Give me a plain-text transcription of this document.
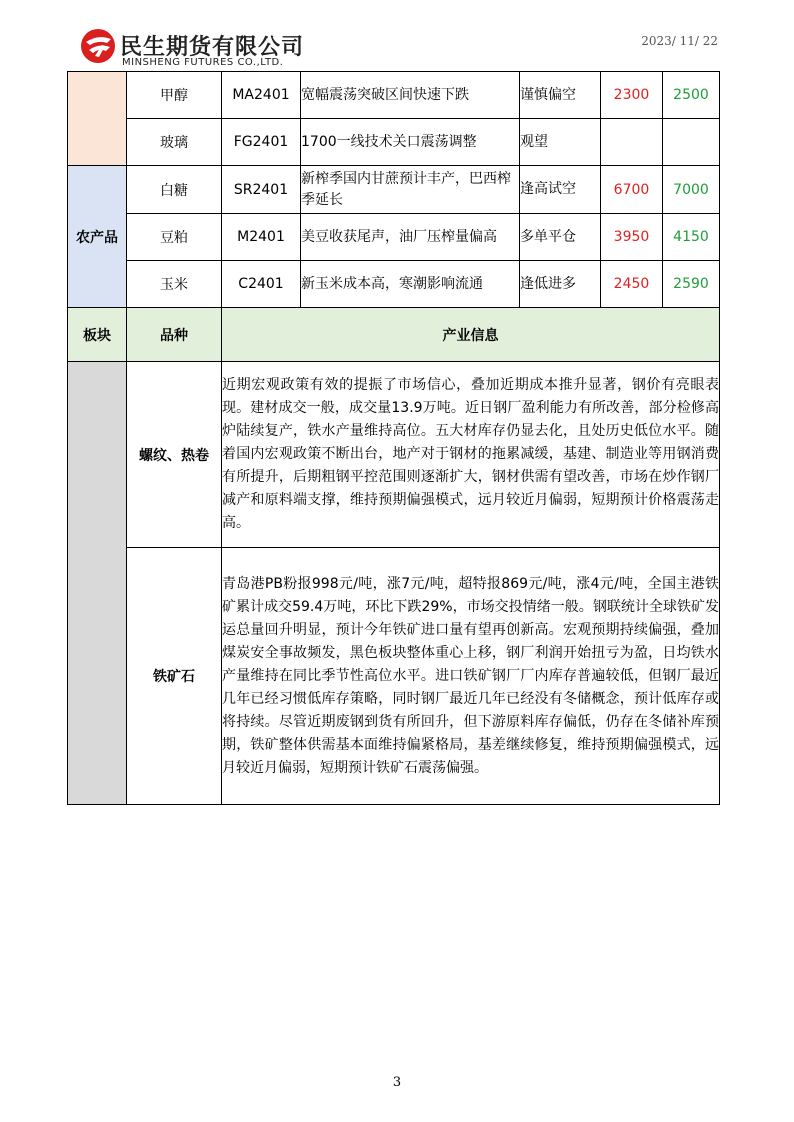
民生期货有限公司
MINSHENG FUTURES CO.,LTD.
2023/ 11/ 22
	甲醇	MA2401	宽幅震荡突破区间快速下跌	谨慎偏空	2300	2500
	玻璃	FG2401	1700一线技术关口震荡调整	观望		
农产品	白糖	SR2401	新榨季国内甘蔗预计丰产，巴西榨季延长	逢高试空	6700	7000
	豆粕	M2401	美豆收获尾声，油厂压榨量偏高	多单平仓	3950	4150
	玉米	C2401	新玉米成本高，寒潮影响流通	逢低进多	2450	2590
板块	品种	产业信息				
	螺纹、热卷	近期宏观政策有效的提振了市场信心，叠加近期成本推升显著，钢价有亮眼表现。建材成交一般，成交量13.9万吨。近日钢厂盈利能力有所改善，部分检修高炉陆续复产，铁水产量维持高位。五大材库存仍显去化，且处历史低位水平。随着国内宏观政策不断出台，地产对于钢材的拖累减缓，基建、制造业等用钢消费有所提升，后期粗钢平控范围则逐渐扩大，钢材供需有望改善，市场在炒作钢厂减产和原料端支撑，维持预期偏强模式，远月较近月偏弱，短期预计价格震荡走高。				
	铁矿石	青岛港PB粉报998元/吨，涨7元/吨，超特报869元/吨，涨4元/吨，全国主港铁矿累计成交59.4万吨，环比下跌29%，市场交投情绪一般。钢联统计全球铁矿发运总量回升明显，预计今年铁矿进口量有望再创新高。宏观预期持续偏强，叠加煤炭安全事故频发，黑色板块整体重心上移，钢厂利润开始扭亏为盈，日均铁水产量维持在同比季节性高位水平。进口铁矿钢厂厂内库存普遍较低，但钢厂最近几年已经习惯低库存策略，同时钢厂最近几年已经没有冬储概念，预计低库存或将持续。尽管近期废钢到货有所回升，但下游原料库存偏低，仍存在冬储补库预期，铁矿整体供需基本面维持偏紧格局，基差继续修复，维持预期偏强模式，远月较近月偏弱，短期预计铁矿石震荡偏强。				
3
